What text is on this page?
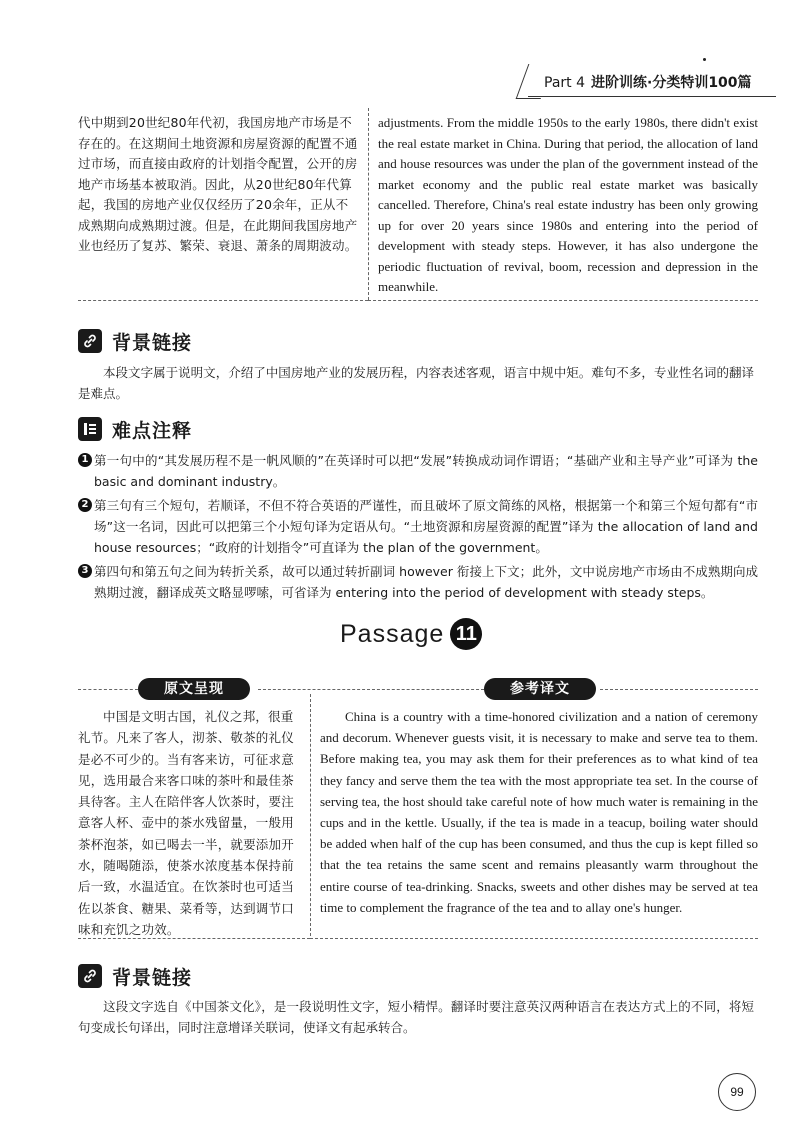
Part 4 进阶训练·分类特训100篇
代中期到20世纪80年代初，我国房地产市场是不存在的。在这期间土地资源和房屋资源的配置不通过市场，而直接由政府的计划指令配置，公开的房地产市场基本被取消。因此，从20世纪80年代算起，我国的房地产业仅仅经历了20余年，正从不成熟期向成熟期过渡。但是，在此期间我国房地产业也经历了复苏、繁荣、衰退、萧条的周期波动。
adjustments. From the middle 1950s to the early 1980s, there didn't exist the real estate market in China. During that period, the allocation of land and house resources was under the plan of the government instead of the market economy and the public real estate market was basically cancelled. Therefore, China's real estate industry has been only growing up for over 20 years since 1980s and entering into the period of development with steady steps. However, it has also undergone the periodic fluctuation of revival, boom, recession and depression in the meanwhile.
背景链接
本段文字属于说明文，介绍了中国房地产业的发展历程，内容表述客观，语言中规中矩。难句不多，专业性名词的翻译是难点。
难点注释
1 第一句中的“其发展历程不是一帆风顺的”在英译时可以把“发展”转换成动词作谓语；“基础产业和主导产业”可译为 the basic and dominant industry。
2 第三句有三个短句，若顺译，不但不符合英语的严谨性，而且破坏了原文简练的风格，根据第一个和第三个短句都有“市场”这一名词，因此可以把第三个小短句译为定语从句。“土地资源和房屋资源的配置”译为 the allocation of land and house resources；“政府的计划指令”可直译为 the plan of the government。
3 第四句和第五句之间为转折关系，故可以通过转折副词 however 衔接上下文；此外，文中说房地产市场由不成熟期向成熟期过渡，翻译成英文略显啰嗦，可省译为 entering into the period of development with steady steps。
Passage 11
原文呈现	参考译文
中国是文明古国，礼仪之邦，很重礼节。凡来了客人，沏茶、敬茶的礼仪是必不可少的。当有客来访，可征求意见，选用最合来客口味的茶叶和最佳茶具待客。主人在陪伴客人饮茶时，要注意客人杯、壶中的茶水残留量，一般用茶杯泡茶，如已喝去一半，就要添加开水，随喝随添，使茶水浓度基本保持前后一致，水温适宜。在饮茶时也可适当佐以茶食、糖果、菜肴等，达到调节口味和充饥之功效。
China is a country with a time-honored civilization and a nation of ceremony and decorum. Whenever guests visit, it is necessary to make and serve tea to them. Before making tea, you may ask them for their preferences as to what kind of tea they fancy and serve them the tea with the most appropriate tea set. In the course of serving tea, the host should take careful note of how much water is remaining in the cups and in the kettle. Usually, if the tea is made in a teacup, boiling water should be added when half of the cup has been consumed, and thus the cup is kept filled so that the tea retains the same scent and remains pleasantly warm throughout the entire course of tea-drinking. Snacks, sweets and other dishes may be served at tea time to complement the fragrance of the tea and to allay one's hunger.
背景链接
这段文字选自《中国茶文化》，是一段说明性文字，短小精悍。翻译时要注意英汉两种语言在表达方式上的不同，将短句变成长句译出，同时注意增译关联词，使译文有起承转合。
99
